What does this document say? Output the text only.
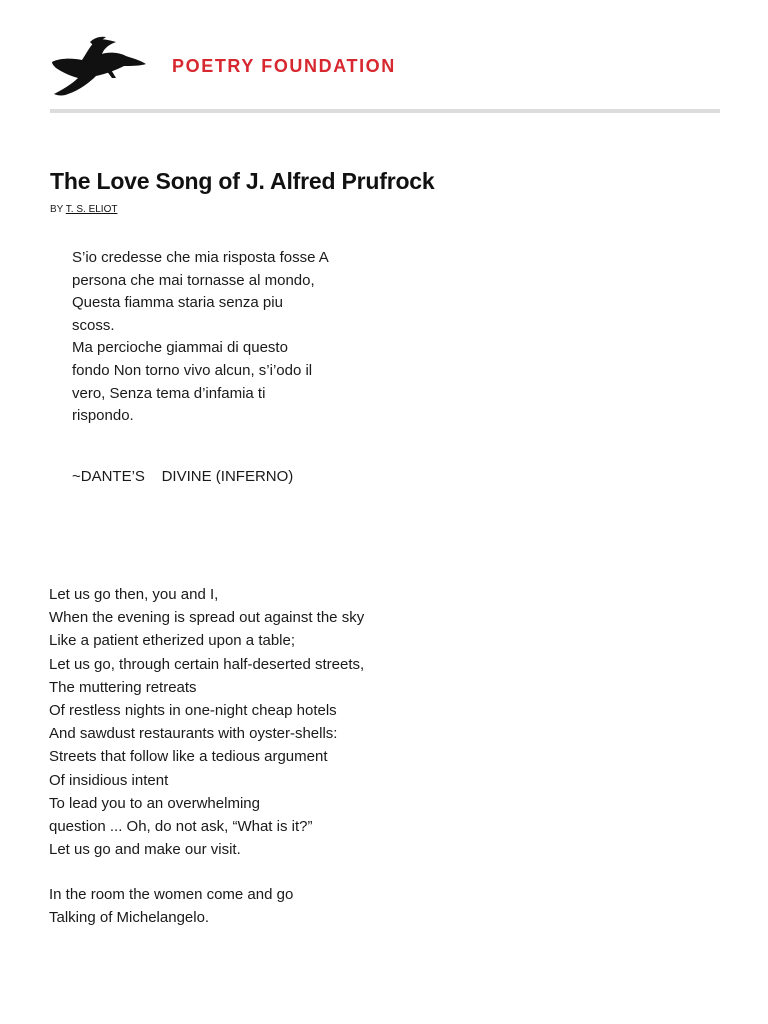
POETRY FOUNDATION
The Love Song of J. Alfred Prufrock
BY T. S. ELIOT
S’io credesse che mia risposta fosse A
persona che mai tornasse al mondo,
Questa fiamma staria senza piu
scoss.
Ma percioche giammai di questo
fondo Non torno vivo alcun, s’i’odo il
vero, Senza tema d’infamia ti
rispondo.
~DANTE’S    DIVINE (INFERNO)
Let us go then, you and I,
When the evening is spread out against the sky
Like a patient etherized upon a table;
Let us go, through certain half-deserted streets,
The muttering retreats
Of restless nights in one-night cheap hotels
And sawdust restaurants with oyster-shells:
Streets that follow like a tedious argument
Of insidious intent
To lead you to an overwhelming
question ... Oh, do not ask, “What is it?”
Let us go and make our visit.
In the room the women come and go
Talking of Michelangelo.
